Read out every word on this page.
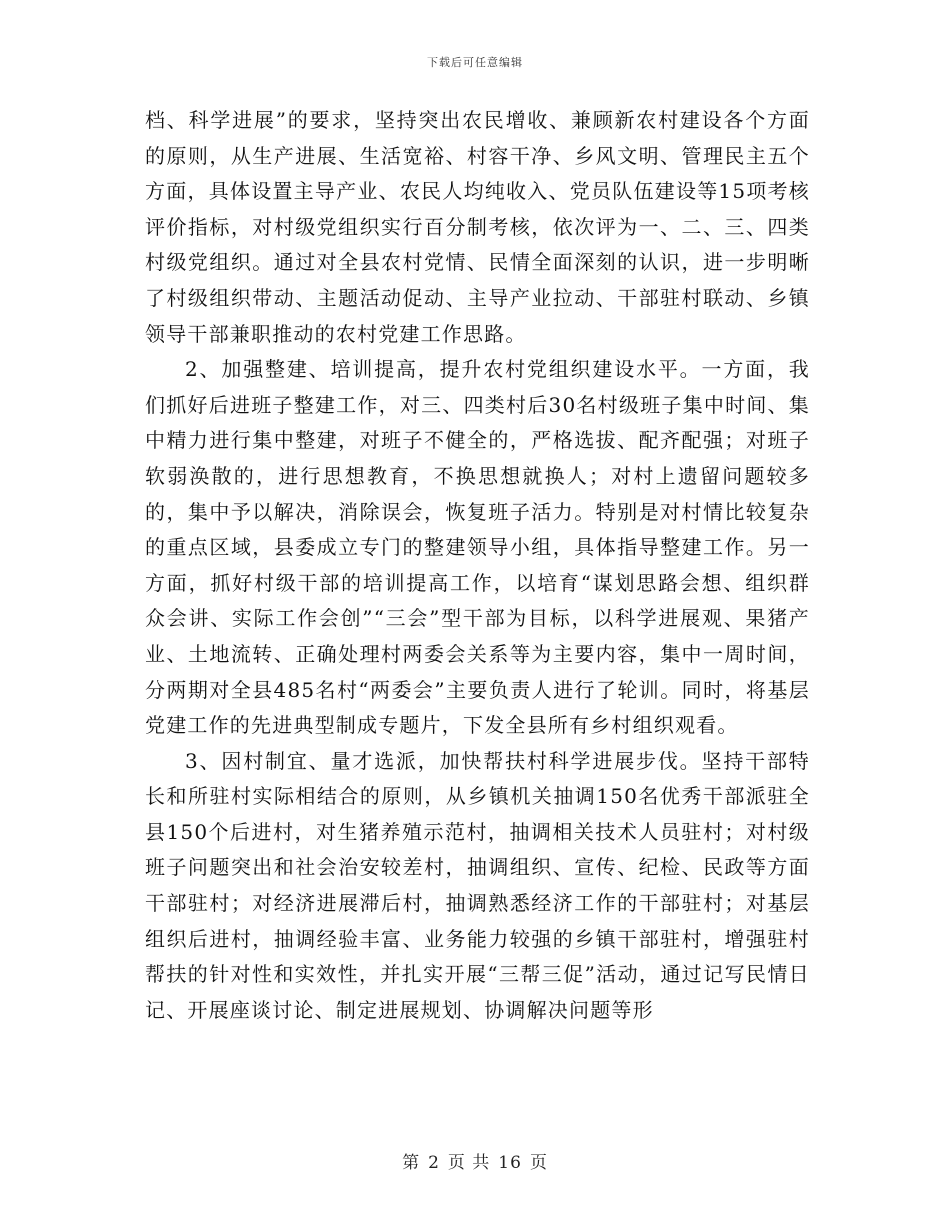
下载后可任意编辑

档、科学进展”的要求，坚持突出农民增收、兼顾新农村建设各个方面的原则，从生产进展、生活宽裕、村容干净、乡风文明、管理民主五个方面，具体设置主导产业、农民人均纯收入、党员队伍建设等15项考核评价指标，对村级党组织实行百分制考核，依次评为一、二、三、四类村级党组织。通过对全县农村党情、民情全面深刻的认识，进一步明晰了村级组织带动、主题活动促动、主导产业拉动、干部驻村联动、乡镇领导干部兼职推动的农村党建工作思路。

2、加强整建、培训提高，提升农村党组织建设水平。一方面，我们抓好后进班子整建工作，对三、四类村后30名村级班子集中时间、集中精力进行集中整建，对班子不健全的，严格选拔、配齐配强；对班子软弱涣散的，进行思想教育，不换思想就换人；对村上遗留问题较多的，集中予以解决，消除误会，恢复班子活力。特别是对村情比较复杂的重点区域，县委成立专门的整建领导小组，具体指导整建工作。另一方面，抓好村级干部的培训提高工作，以培育“谋划思路会想、组织群众会讲、实际工作会创”“三会”型干部为目标，以科学进展观、果猪产业、土地流转、正确处理村两委会关系等为主要内容，集中一周时间，分两期对全县485名村“两委会”主要负责人进行了轮训。同时，将基层党建工作的先进典型制成专题片，下发全县所有乡村组织观看。

3、因村制宜、量才选派，加快帮扶村科学进展步伐。坚持干部特长和所驻村实际相结合的原则，从乡镇机关抽调150名优秀干部派驻全县150个后进村，对生猪养殖示范村，抽调相关技术人员驻村；对村级班子问题突出和社会治安较差村，抽调组织、宣传、纪检、民政等方面干部驻村；对经济进展滞后村，抽调熟悉经济工作的干部驻村；对基层组织后进村，抽调经验丰富、业务能力较强的乡镇干部驻村，增强驻村帮扶的针对性和实效性，并扎实开展“三帮三促”活动，通过记写民情日记、开展座谈讨论、制定进展规划、协调解决问题等形

第 2 页 共 16 页
